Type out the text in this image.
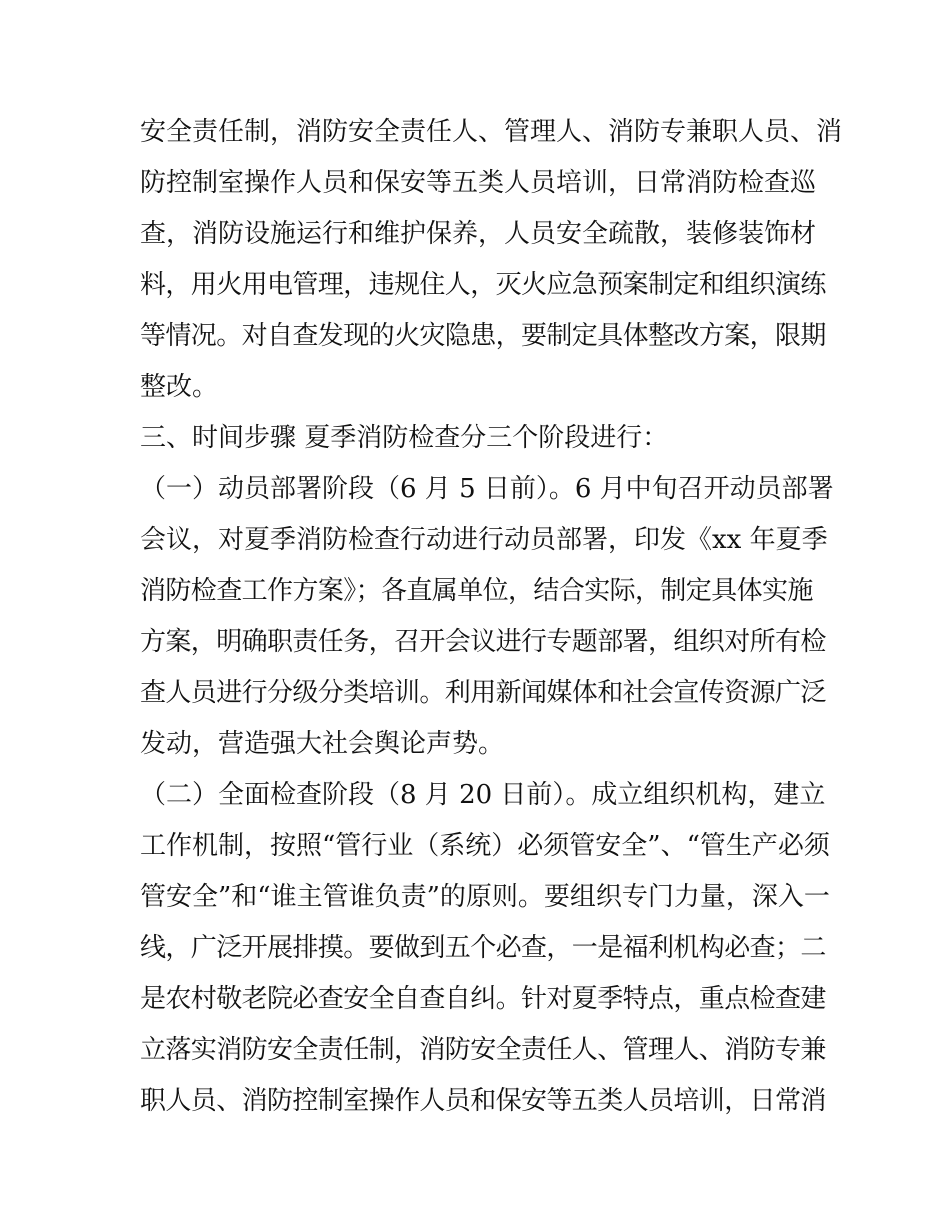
安全责任制，消防安全责任人、管理人、消防专兼职人员、消
防控制室操作人员和保安等五类人员培训，日常消防检查巡
查，消防设施运行和维护保养，人员安全疏散，装修装饰材
料，用火用电管理，违规住人，灭火应急预案制定和组织演练
等情况。对自查发现的火灾隐患，要制定具体整改方案，限期
整改。
三、时间步骤 夏季消防检查分三个阶段进行：
（一）动员部署阶段（6 月 5 日前）。6 月中旬召开动员部署
会议，对夏季消防检查行动进行动员部署，印发《xx 年夏季
消防检查工作方案》；各直属单位，结合实际，制定具体实施
方案，明确职责任务，召开会议进行专题部署，组织对所有检
查人员进行分级分类培训。利用新闻媒体和社会宣传资源广泛
发动，营造强大社会舆论声势。
（二）全面检查阶段（8 月 20 日前）。成立组织机构，建立
工作机制，按照“管行业（系统）必须管安全”、“管生产必须
管安全”和“谁主管谁负责”的原则。要组织专门力量，深入一
线，广泛开展排摸。要做到五个必查，一是福利机构必查；二
是农村敬老院必查安全自查自纠。针对夏季特点，重点检查建
立落实消防安全责任制，消防安全责任人、管理人、消防专兼
职人员、消防控制室操作人员和保安等五类人员培训，日常消
